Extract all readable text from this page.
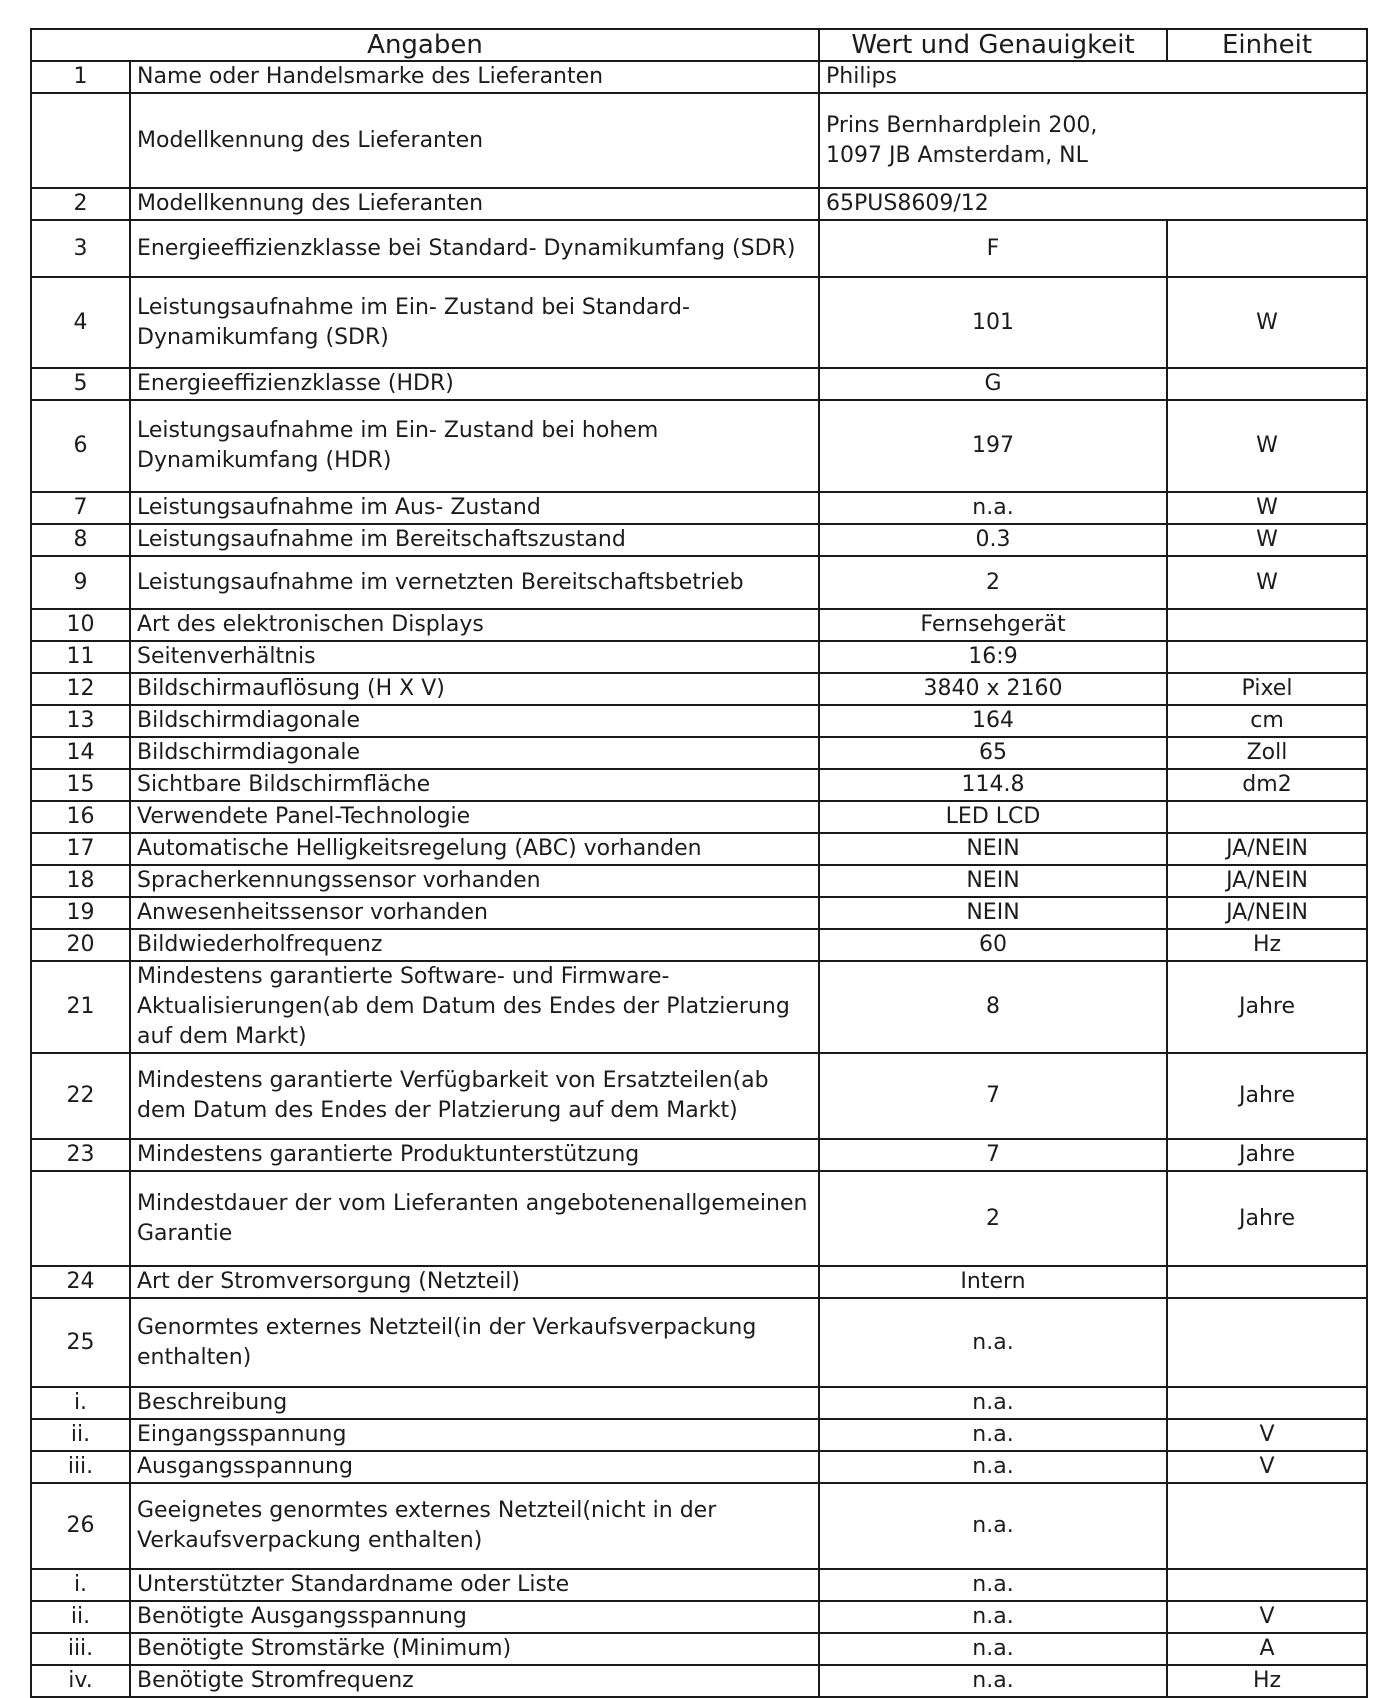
Angaben		Wert und Genauigkeit	Einheit
1	Name oder Handelsmarke des Lieferanten	Philips	
	Modellkennung des Lieferanten	Prins Bernhardplein 200,
1097 JB Amsterdam, NL	

2	Modellkennung des Lieferanten	65PUS8609/12	
3	Energieeffizienzklasse bei Standard- Dynamikumfang (SDR)	F	
4	Leistungsaufnahme im Ein- Zustand bei Standard-Dynamikumfang (SDR)	101	W
5	Energieeffizienzklasse (HDR)	G	
6	Leistungsaufnahme im Ein- Zustand bei hohem Dynamikumfang (HDR)	197	W
7	Leistungsaufnahme im Aus- Zustand	n.a.	W
8	Leistungsaufnahme im Bereitschaftszustand	0.3	W
9	Leistungsaufnahme im vernetzten Bereitschaftsbetrieb	2	W
10	Art des elektronischen Displays	Fernsehgerät	
11	Seitenverhältnis	16:9	
12	Bildschirmauflösung (H X V)	3840 x 2160	Pixel
13	Bildschirmdiagonale	164	cm
14	Bildschirmdiagonale	65	Zoll
15	Sichtbare Bildschirmfläche	114.8	dm2
16	Verwendete Panel-Technologie	LED LCD	
17	Automatische Helligkeitsregelung (ABC) vorhanden	NEIN	JA/NEIN
18	Spracherkennungssensor vorhanden	NEIN	JA/NEIN
19	Anwesenheitssensor vorhanden	NEIN	JA/NEIN
20	Bildwiederholfrequenz	60	Hz
21	Mindestens garantierte Software- und Firmware-Aktualisierungen(ab dem Datum des Endes der Platzierung auf dem Markt)	8	Jahre
22	Mindestens garantierte Verfügbarkeit von Ersatzteilen(ab dem Datum des Endes der Platzierung auf dem Markt)	7	Jahre
23	Mindestens garantierte Produktunterstützung	7	Jahre
	Mindestdauer der vom Lieferanten angebotenenallgemeinen Garantie	2	Jahre
24	Art der Stromversorgung (Netzteil)	Intern	
25	Genormtes externes Netzteil(in der Verkaufsverpackung enthalten)	n.a.	
i.	Beschreibung	n.a.	
ii.	Eingangsspannung	n.a.	V
iii.	Ausgangsspannung	n.a.	V
26	Geeignetes genormtes externes Netzteil(nicht in der Verkaufsverpackung enthalten)	n.a.	
i.	Unterstützter Standardname oder Liste	n.a.	
ii.	Benötigte Ausgangsspannung	n.a.	V
iii.	Benötigte Stromstärke (Minimum)	n.a.	A
iv.	Benötigte Stromfrequenz	n.a.	Hz
